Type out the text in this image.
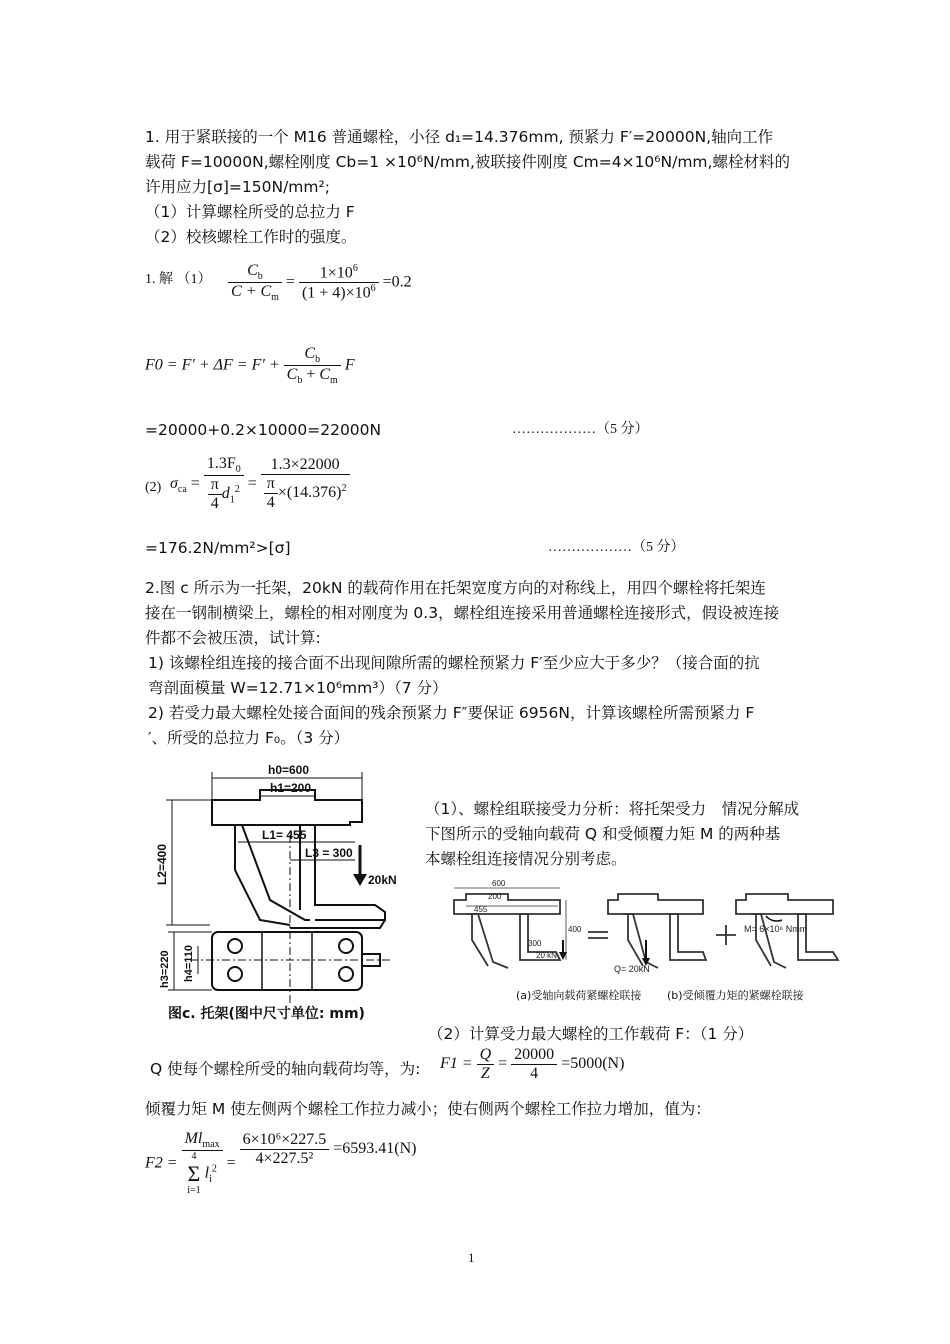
1. 用于紧联接的一个 M16 普通螺栓，小径 d₁=14.376mm, 预紧力 F′=20000N,轴向工作
载荷 F=10000N,螺栓刚度 Cb=1 ×10⁶N/mm,被联接件刚度 Cm=4×10⁶N/mm,螺栓材料的
许用应力[σ]=150N/mm²;
（1）计算螺栓所受的总拉力 F
（2）校核螺栓工作时的强度。
1. 解 $(1) \frac{C_b}{C + C_m} = \frac{1\times 10^6}{(1 + 4)\times 10^6} =0.2$
$F0 = F' + \Delta F = F' + \frac{C_b}{C_b + C_m}$ F
=20000+0.2×10000=22000N	………………（5 分）
(2) $\sigma_{ca} = \frac{1.3F_0}{\frac{\pi}{4} d_1^2} = \frac{1.3\times 22000}{\frac{\pi}{4} \times(14.376)^2}$
=176.2N/mm²>[σ]	………………（5 分）
2.图 c 所示为一托架，20kN 的载荷作用在托架宽度方向的对称线上，用四个螺栓将托架连
接在一钢制横梁上，螺栓的相对刚度为 0.3，螺栓组连接采用普通螺栓连接形式，假设被连接
件都不会被压溃，试计算:
1) 该螺栓组连接的接合面不出现间隙所需的螺栓预紧力 F′至少应大于多少？（接合面的抗
弯剖面模量 W=12.71×10⁶mm³）（7 分）
2) 若受力最大螺栓处接合面间的残余预紧力 F″要保证 6956N，计算该螺栓所需预紧力 F
′、所受的总拉力 F₀。（3 分）
h0=600
h1=200
L1= 455
L3 = 300
20kN
L2=400
h3=220 h4=110
图c. 托架(图中尺寸单位: mm)
（1）、螺栓组联接受力分析：将托架受力　情况分解成
下图所示的受轴向载荷 Q 和受倾覆力矩 M 的两种基
本螺栓组连接情况分别考虑。
600
200
455
300
400
20 kN
Q= 20kN
M= 6×10⁶ Nmm
(a)受轴向载荷紧螺栓联接 (b)受倾覆力矩的紧螺栓联接
（2）计算受力最大螺栓的工作载荷 F：（1 分）
Q 使每个螺栓所受的轴向载荷均等，为: $F1 = \frac{Q}{Z} = \frac{20000}{4} =5000(N)$
倾覆力矩 M 使左侧两个螺栓工作拉力减小；使右侧两个螺栓工作拉力增加，值为：
$F2 = Ml_{max}$
4
Σ
i=1
$l_i^2 = \frac{\text{6×10⁶×227.5}}{\text{4×227.5²}} =6593.41(N)$
1
